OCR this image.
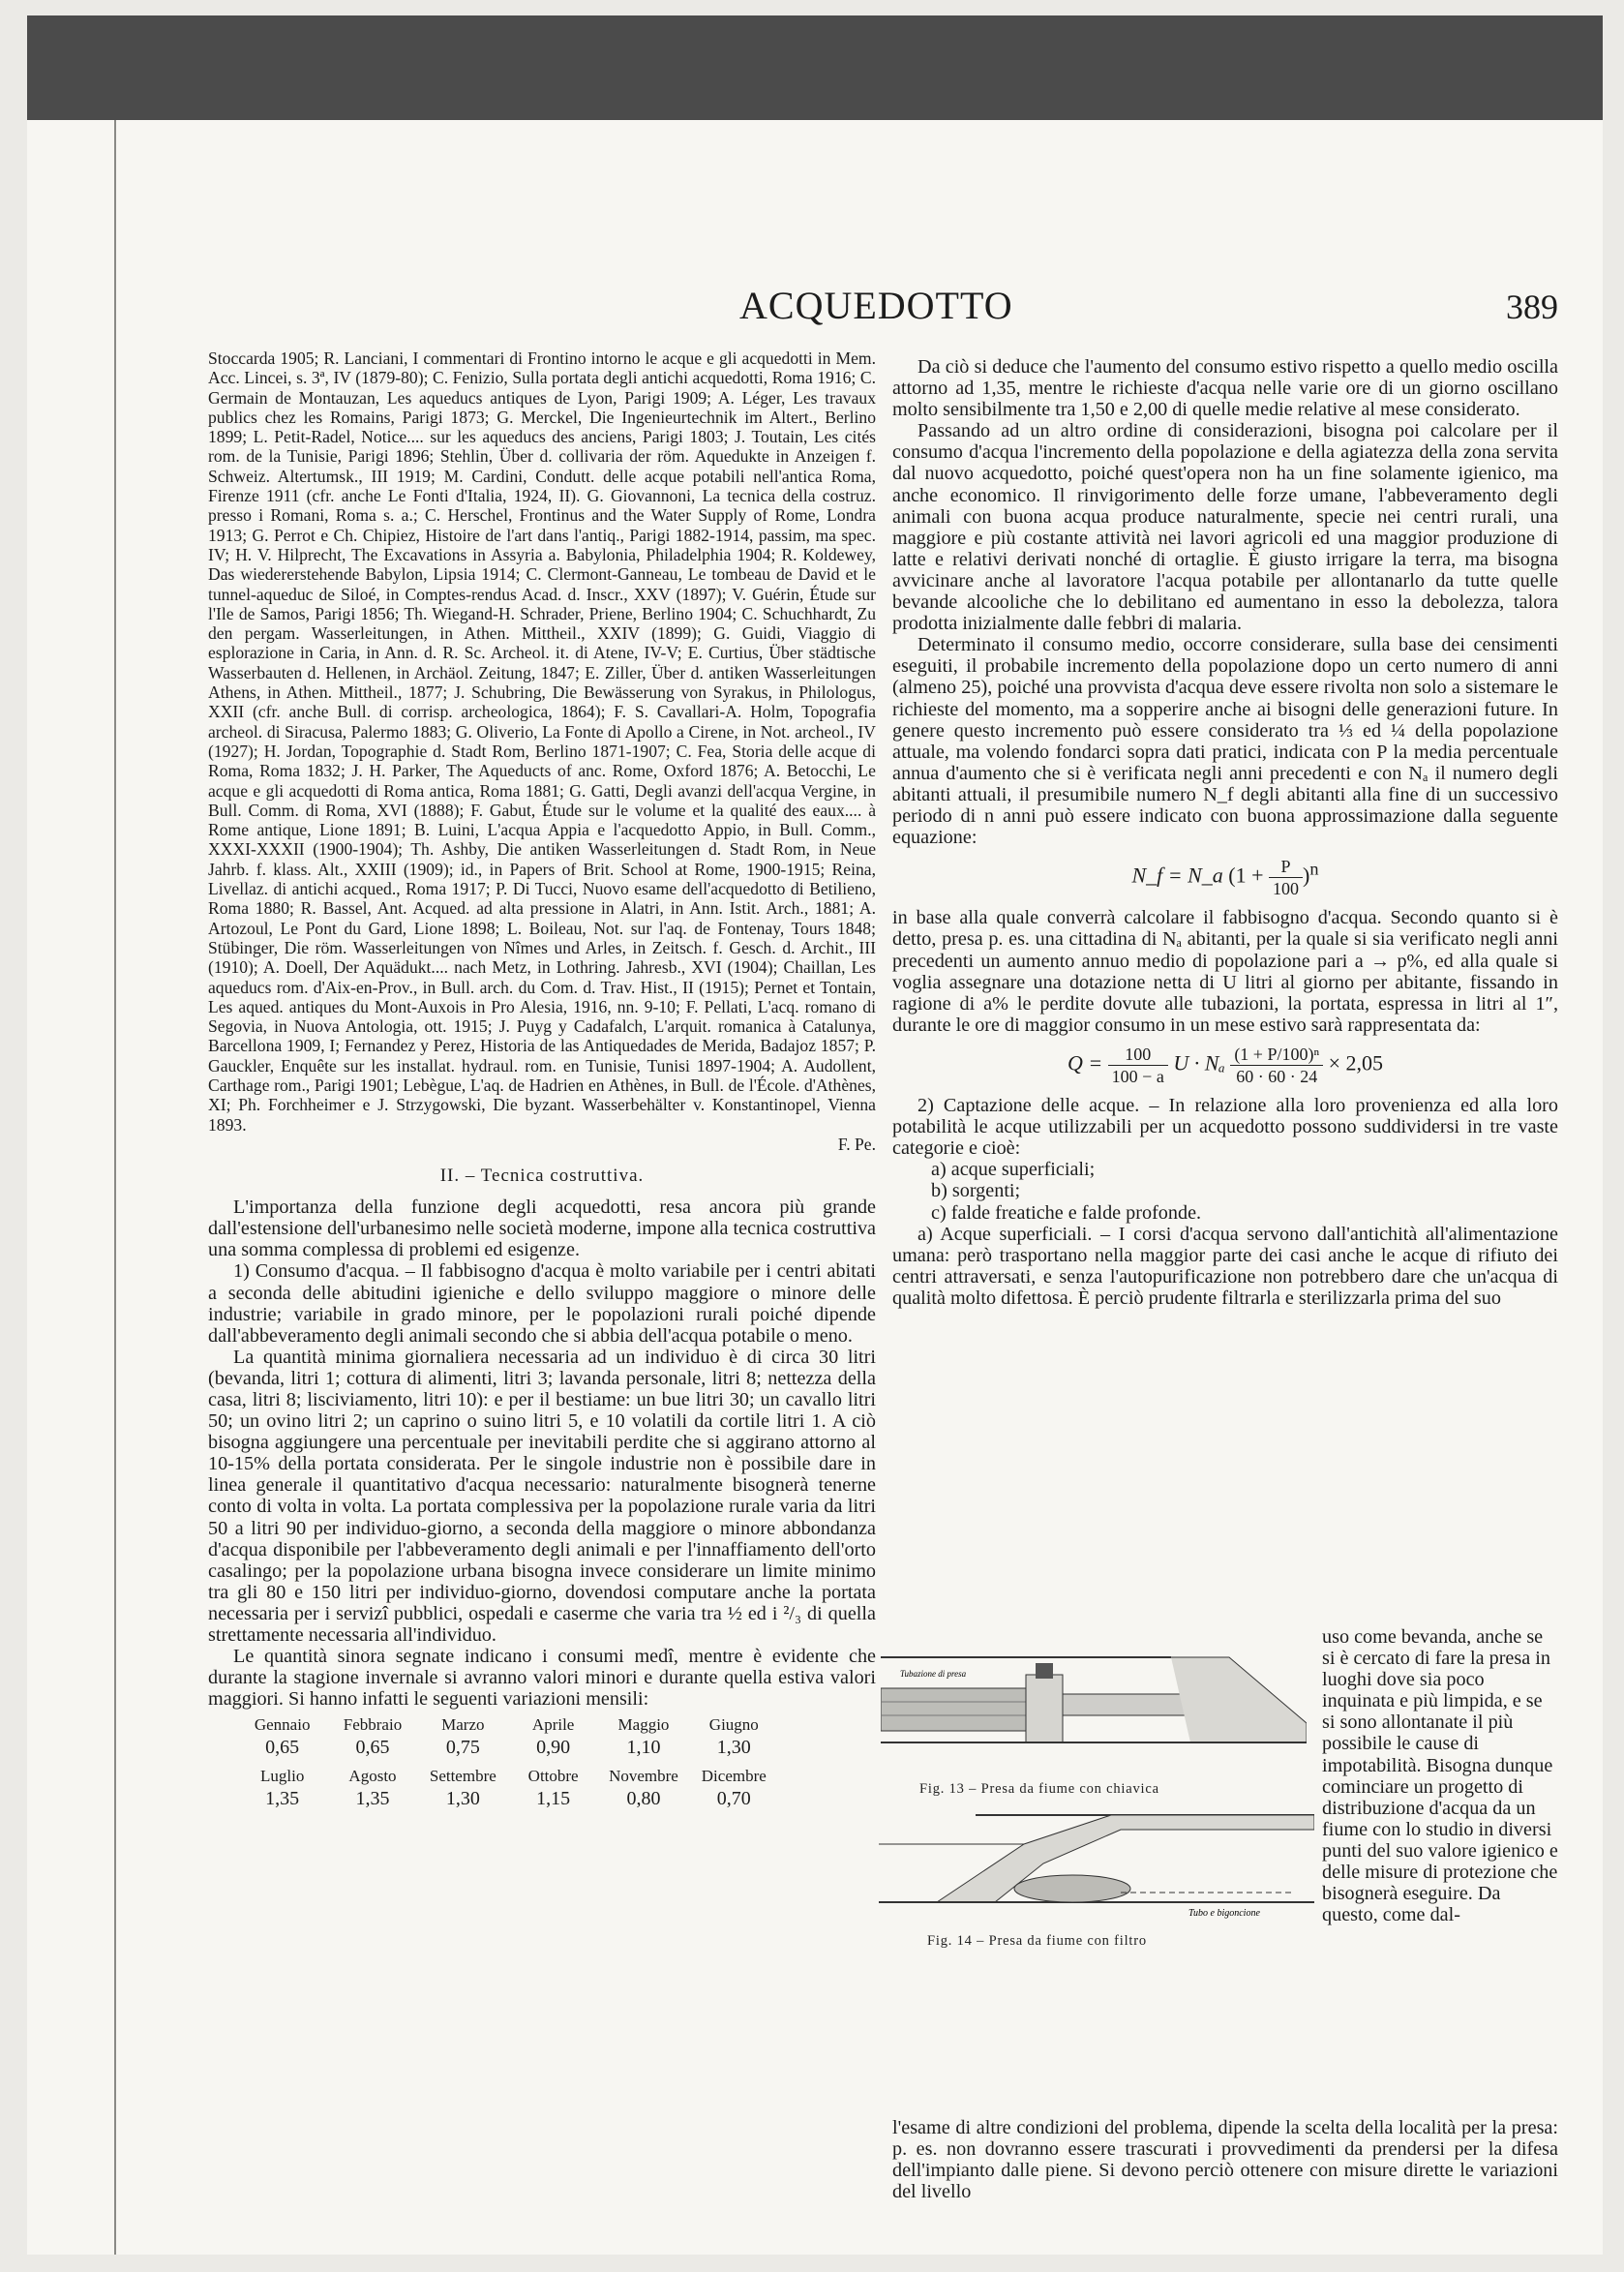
ACQUEDOTTO	389

Stoccarda 1905; R. Lanciani, I commentari di Frontino intorno le acque e gli acquedotti in Mem. Acc. Lincei, s. 3ª, IV (1879-80); C. Fenizio, Sulla portata degli antichi acquedotti, Roma 1916; C. Germain de Montauzan, Les aqueducs antiques de Lyon, Parigi 1909; A. Léger, Les travaux publics chez les Romains, Parigi 1873; G. Merckel, Die Ingenieurtechnik im Altert., Berlino 1899; L. Petit-Radel, Notice.... sur les aqueducs des anciens, Parigi 1803; J. Toutain, Les cités rom. de la Tunisie, Parigi 1896; Stehlin, Über d. collivaria der röm. Aquedukte in Anzeigen f. Schweiz. Altertumsk., III 1919; M. Cardini, Condutt. delle acque potabili nell'antica Roma, Firenze 1911 (cfr. anche Le Fonti d'Italia, 1924, II). G. Giovannoni, La tecnica della costruz. presso i Romani, Roma s. a.; C. Herschel, Frontinus and the Water Supply of Rome, Londra 1913; G. Perrot e Ch. Chipiez, Histoire de l'art dans l'antiq., Parigi 1882-1914, passim, ma spec. IV; H. V. Hilprecht, The Excavations in Assyria a. Babylonia, Philadelphia 1904; R. Koldewey, Das wiedererstehende Babylon, Lipsia 1914; C. Clermont-Ganneau, Le tombeau de David et le tunnel-aqueduc de Siloé, in Comptes-rendus Acad. d. Inscr., XXV (1897); V. Guérin, Étude sur l'Ile de Samos, Parigi 1856; Th. Wiegand-H. Schrader, Priene, Berlino 1904; C. Schuchhardt, Zu den pergam. Wasserleitungen, in Athen. Mittheil., XXIV (1899); G. Guidi, Viaggio di esplorazione in Caria, in Ann. d. R. Sc. Archeol. it. di Atene, IV-V; E. Curtius, Über städtische Wasserbauten d. Hellenen, in Archäol. Zeitung, 1847; E. Ziller, Über d. antiken Wasserleitungen Athens, in Athen. Mittheil., 1877; J. Schubring, Die Bewässerung von Syrakus, in Philologus, XXII (cfr. anche Bull. di corrisp. archeologica, 1864); F. S. Cavallari-A. Holm, Topografia archeol. di Siracusa, Palermo 1883; G. Oliverio, La Fonte di Apollo a Cirene, in Not. archeol., IV (1927); H. Jordan, Topographie d. Stadt Rom, Berlino 1871-1907; C. Fea, Storia delle acque di Roma, Roma 1832; J. H. Parker, The Aqueducts of anc. Rome, Oxford 1876; A. Betocchi, Le acque e gli acquedotti di Roma antica, Roma 1881; G. Gatti, Degli avanzi dell'acqua Vergine, in Bull. Comm. di Roma, XVI (1888); F. Gabut, Étude sur le volume et la qualité des eaux.... à Rome antique, Lione 1891; B. Luini, L'acqua Appia e l'acquedotto Appio, in Bull. Comm., XXXI-XXXII (1900-1904); Th. Ashby, Die antiken Wasserleitungen d. Stadt Rom, in Neue Jahrb. f. klass. Alt., XXIII (1909); id., in Papers of Brit. School at Rome, 1900-1915; Reina, Livellaz. di antichi acqued., Roma 1917; P. Di Tucci, Nuovo esame dell'acquedotto di Betilieno, Roma 1880; R. Bassel, Ant. Acqued. ad alta pressione in Alatri, in Ann. Istit. Arch., 1881; A. Artozoul, Le Pont du Gard, Lione 1898; L. Boileau, Not. sur l'aq. de Fontenay, Tours 1848; Stübinger, Die röm. Wasserleitungen von Nîmes und Arles, in Zeitsch. f. Gesch. d. Archit., III (1910); A. Doell, Der Aquädukt.... nach Metz, in Lothring. Jahresb., XVI (1904); Chaillan, Les aqueducs rom. d'Aix-en-Prov., in Bull. arch. du Com. d. Trav. Hist., II (1915); Pernet et Tontain, Les aqued. antiques du Mont-Auxois in Pro Alesia, 1916, nn. 9-10; F. Pellati, L'acq. romano di Segovia, in Nuova Antologia, ott. 1915; J. Puyg y Cadafalch, L'arquit. romanica à Catalunya, Barcellona 1909, I; Fernandez y Perez, Historia de las Antiquedades de Merida, Badajoz 1857; P. Gauckler, Enquête sur les installat. hydraul. rom. en Tunisie, Tunisi 1897-1904; A. Audollent, Carthage rom., Parigi 1901; Lebègue, L'aq. de Hadrien en Athènes, in Bull. de l'École. d'Athènes, XI; Ph. Forchheimer e J. Strzygowski, Die byzant. Wasserbehälter v. Konstantinopel, Vienna 1893.
F. Pe.

II. – Tecnica costruttiva.

L'importanza della funzione degli acquedotti, resa ancora più grande dall'estensione dell'urbanesimo nelle società moderne, impone alla tecnica costruttiva una somma complessa di problemi ed esigenze.

1) Consumo d'acqua. – Il fabbisogno d'acqua è molto variabile per i centri abitati a seconda delle abitudini igieniche e dello sviluppo maggiore o minore delle industrie; variabile in grado minore, per le popolazioni rurali poiché dipende dall'abbeveramento degli animali secondo che si abbia dell'acqua potabile o meno.

La quantità minima giornaliera necessaria ad un individuo è di circa 30 litri (bevanda, litri 1; cottura di alimenti, litri 3; lavanda personale, litri 8; nettezza della casa, litri 8; lisciviamento, litri 10): e per il bestiame: un bue litri 30; un cavallo litri 50; un ovino litri 2; un caprino o suino litri 5, e 10 volatili da cortile litri 1. A ciò bisogna aggiungere una percentuale per inevitabili perdite che si aggirano attorno al 10-15% della portata considerata. Per le singole industrie non è possibile dare in linea generale il quantitativo d'acqua necessario: naturalmente bisognerà tenerne conto di volta in volta. La portata complessiva per la popolazione rurale varia da litri 50 a litri 90 per individuo-giorno, a seconda della maggiore o minore abbondanza d'acqua disponibile per l'abbeveramento degli animali e per l'innaffiamento dell'orto casalingo; per la popolazione urbana bisogna invece considerare un limite minimo tra gli 80 e 150 litri per individuo-giorno, dovendosi computare anche la portata necessaria per i servizî pubblici, ospedali e caserme che varia tra ½ ed i ²/₃ di quella strettamente necessaria all'individuo.

Le quantità sinora segnate indicano i consumi medî, mentre è evidente che durante la stagione invernale si avranno valori minori e durante quella estiva valori maggiori. Si hanno infatti le seguenti variazioni mensili:

Gennaio	Febbraio	Marzo	Aprile	Maggio	Giugno
0,65	0,65	0,75	0,90	1,10	1,30
Luglio	Agosto	Settembre	Ottobre	Novembre	Dicembre
1,35	1,35	1,30	1,15	0,80	0,70

Da ciò si deduce che l'aumento del consumo estivo rispetto a quello medio oscilla attorno ad 1,35, mentre le richieste d'acqua nelle varie ore di un giorno oscillano molto sensibilmente tra 1,50 e 2,00 di quelle medie relative al mese considerato.

Passando ad un altro ordine di considerazioni, bisogna poi calcolare per il consumo d'acqua l'incremento della popolazione e della agiatezza della zona servita dal nuovo acquedotto, poiché quest'opera non ha un fine solamente igienico, ma anche economico. Il rinvigorimento delle forze umane, l'abbeveramento degli animali con buona acqua produce naturalmente, specie nei centri rurali, una maggiore e più costante attività nei lavori agricoli ed una maggior produzione di latte e relativi derivati nonché di ortaglie. È giusto irrigare la terra, ma bisogna avvicinare anche al lavoratore l'acqua potabile per allontanarlo da tutte quelle bevande alcooliche che lo debilitano ed aumentano in esso la debolezza, talora prodotta inizialmente dalle febbri di malaria.

Determinato il consumo medio, occorre considerare, sulla base dei censimenti eseguiti, il probabile incremento della popolazione dopo un certo numero di anni (almeno 25), poiché una provvista d'acqua deve essere rivolta non solo a sistemare le richieste del momento, ma a sopperire anche ai bisogni delle generazioni future. In genere questo incremento può essere considerato tra ⅓ ed ¼ della popolazione attuale, ma volendo fondarci sopra dati pratici, indicata con P la media percentuale annua d'aumento che si è verificata negli anni precedenti e con Nₐ il numero degli abitanti attuali, il presumibile numero N_f degli abitanti alla fine di un successivo periodo di n anni può essere indicato con buona approssimazione dalla seguente equazione:

N_f = N_a $(1 + \frac{P}{100} )^n$

in base alla quale converrà calcolare il fabbisogno d'acqua. Secondo quanto si è detto, presa p. es. una cittadina di Nₐ abitanti, per la quale si sia verificato negli anni precedenti un aumento annuo medio di popolazione pari a → p%, ed alla quale si voglia assegnare una dotazione netta di U litri al giorno per abitante, fissando in ragione di a% le perdite dovute alle tubazioni, la portata, espressa in litri al 1″, durante le ore di maggior consumo in un mese estivo sarà rappresentata da:

$Q = \frac{100}{100 - a}$ U · Nₐ $\frac{\text{(1 + P/100)ⁿ}}{60 \cdot 60 \cdot 24} \times 2,05$

2) Captazione delle acque. – In relazione alla loro provenienza ed alla loro potabilità le acque utilizzabili per un acquedotto possono suddividersi in tre vaste categorie e cioè:

a) acque superficiali;

b) sorgenti;

c) falde freatiche e falde profonde.

a) Acque superficiali. – I corsi d'acqua servono dall'antichità all'alimentazione umana: però trasportano nella maggior parte dei casi anche le acque di rifiuto dei centri attraversati, e senza l'autopurificazione non potrebbero dare che un'acqua di qualità molto difettosa. È perciò prudente filtrarla e sterilizzarla prima del suo

Tubazione di presa
Fig. 13 – Presa da fiume con chiavica
Tubo e bigoncione
Fig. 14 – Presa da fiume con filtro
uso come bevanda, anche se si è cercato di fare la presa in luoghi dove sia poco inquinata e più limpida, e se si sono allontanate il più possibile le cause di impotabilità. Bisogna dunque cominciare un progetto di distribuzione d'acqua da un fiume con lo studio in diversi punti del suo valore igienico e delle misure di protezione che bisognerà eseguire. Da questo, come dal-

l'esame di altre condizioni del problema, dipende la scelta della località per la presa: p. es. non dovranno essere trascurati i provvedimenti da prendersi per la difesa dell'impianto dalle piene. Si devono perciò ottenere con misure dirette le variazioni del livello
